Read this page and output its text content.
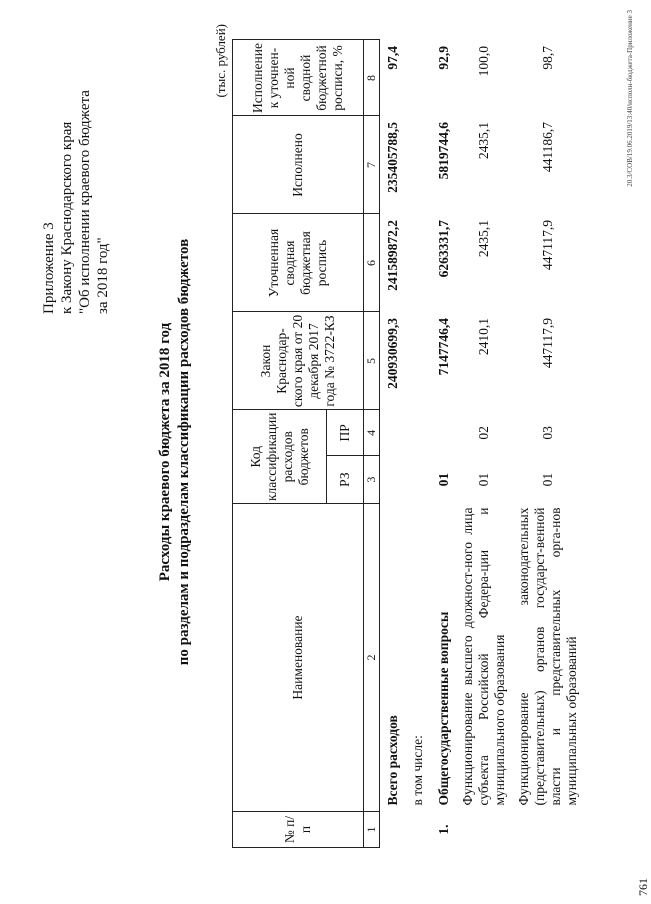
Приложение 3 к Закону Краснодарского края "Об исполнении краевого бюджета за 2018 год"
Расходы краевого бюджета за 2018 год по разделам и подразделам классификации расходов бюджетов
(тыс. рублей)
№ п/п	Наименование	Код классификации расходов бюджетов		Закон Краснодар-ского края от 20 декабря 2017 года № 3722-КЗ	Уточненная сводная бюджетная роспись	Исполнено	Исполнение к уточнен-ной сводной бюджетной росписи, %
		РЗ	ПР				
1	2	3	4	5	6	7	8
	Всего расходов			240930699,3	241589872,2	235405788,5	97,4
	в том числе:						
1.	Общегосударственные вопросы	01		7147746,4	6263331,7	5819744,6	92,9
	Функционирование высшего должност-ного лица субъекта Российской Федера-ции и муниципального образования	01	02	2410,1	2435,1	2435,1	100,0
	Функционирование законодательных (представительных) органов государст-венной власти и представительных орга-нов муниципальных образований	01	03	447117,9	447117,9	441186,7	98,7	20.3/СОВ/19.06.2019/13:40/исполн-бюджета-Приложение 3
761
